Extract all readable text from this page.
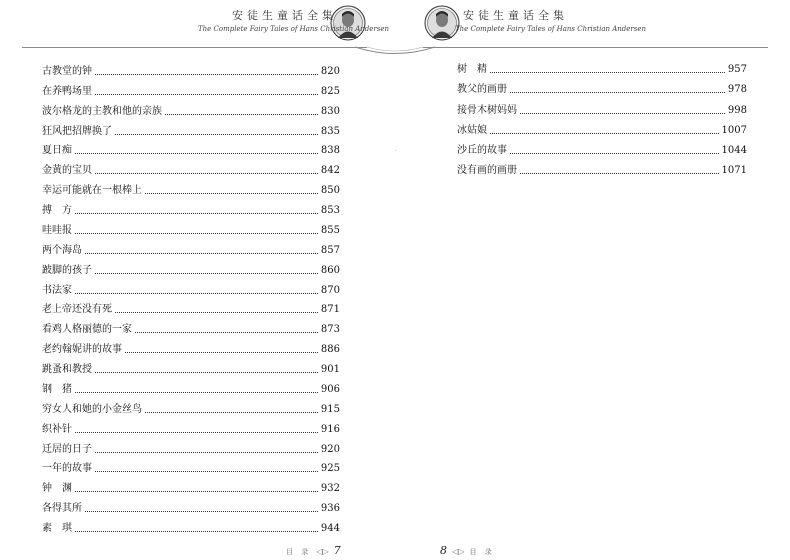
安徒生童话全集
The Complete Fairy Tales of Hans Christian Andersen
安徒生童话全集
The Complete Fairy Tales of Hans Christian Andersen
古教堂的钟	820
在养鸭场里	825
波尔格龙的主教和他的亲族	830
狂风把招牌换了	835
夏日痴	838
金黄的宝贝	842
幸运可能就在一根棒上	850
搏　方	853
哇哇报	855
两个海岛	857
跛脚的孩子	860
书法家	870
老上帝还没有死	871
看鸡人格丽德的一家	873
老约翰妮讲的故事	886
跳蚤和教授	901
钢　猪	906
穷女人和她的小金丝鸟	915
织补针	916
迁居的日子	920
一年的故事	925
钟　渊	932
各得其所	936
素　琪	944
树　精	957
教父的画册	978
接骨木树妈妈	998
冰姑娘	1007
沙丘的故事	1044
没有画的画册	1071
目 录 ◁▷ 7	8 ◁▷ 目 录
